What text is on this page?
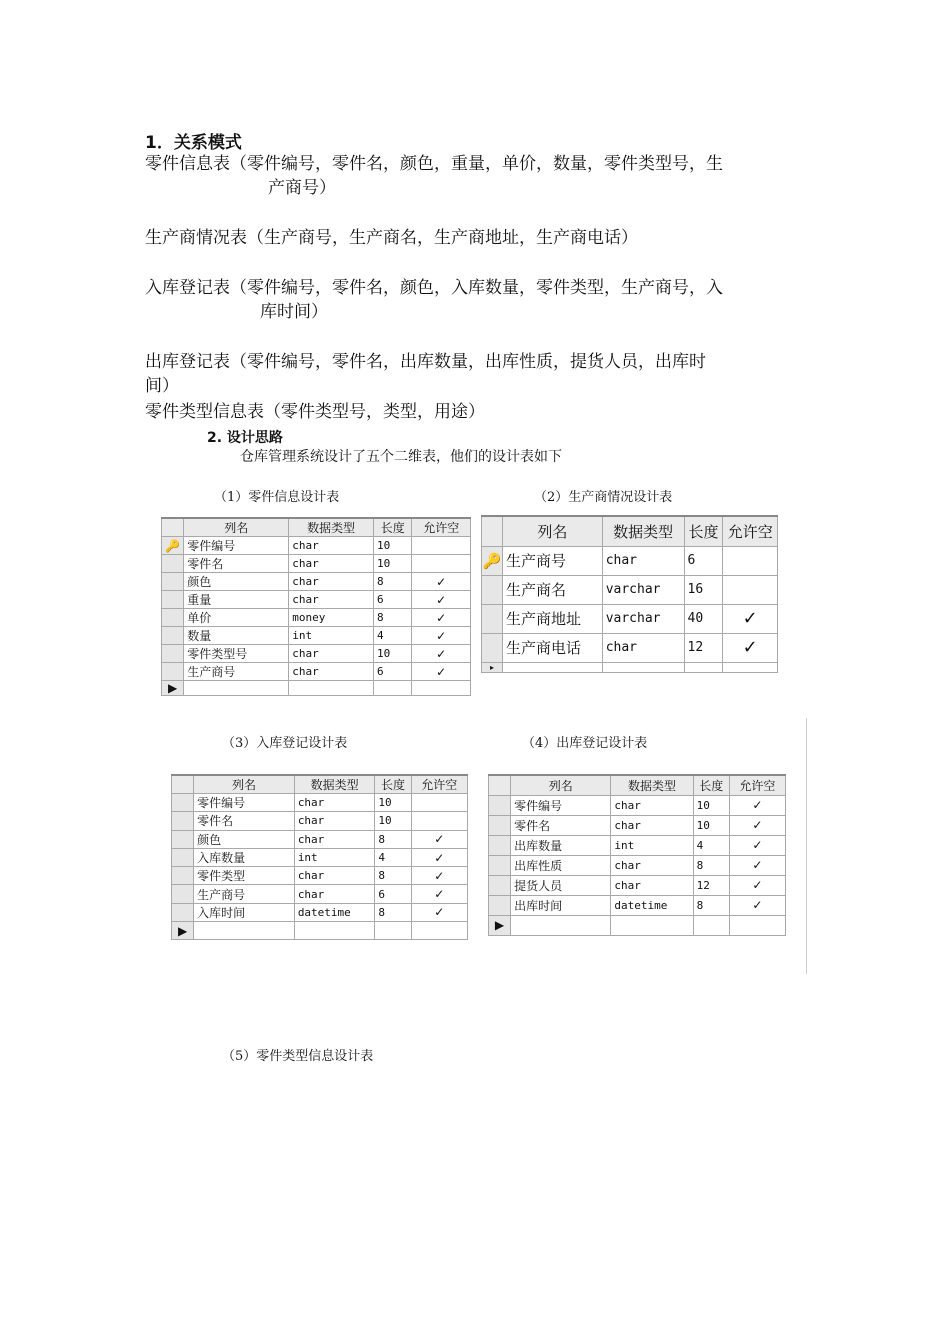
1．关系模式
零件信息表（零件编号，零件名，颜色，重量，单价，数量，零件类型号，生
产商号）
生产商情况表（生产商号，生产商名，生产商地址，生产商电话）
入库登记表（零件编号，零件名，颜色，入库数量，零件类型，生产商号，入
库时间）
出库登记表（零件编号，零件名，出库数量，出库性质，提货人员，出库时
间）
零件类型信息表（零件类型号，类型，用途）
2. 设计思路
仓库管理系统设计了五个二维表，他们的设计表如下
（1）零件信息设计表	（2）生产商情况设计表
（3）入库登记设计表	（4）出库登记设计表
（5）零件类型信息设计表
	列名	数据类型	长度	允许空
🔑	零件编号	char	10	
	零件名	char	10	
	颜色	char	8	✓
	重量	char	6	✓
	单价	money	8	✓
	数量	int	4	✓
	零件类型号	char	10	✓
	生产商号	char	6	✓
▶				
	列名	数据类型	长度	允许空
🔑	生产商号	char	6	
	生产商名	varchar	16	
	生产商地址	varchar	40	✓
	生产商电话	char	12	✓
▸				
	列名	数据类型	长度	允许空
	零件编号	char	10	
	零件名	char	10	
	颜色	char	8	✓
	入库数量	int	4	✓
	零件类型	char	8	✓
	生产商号	char	6	✓
	入库时间	datetime	8	✓
▶				
	列名	数据类型	长度	允许空
	零件编号	char	10	✓
	零件名	char	10	✓
	出库数量	int	4	✓
	出库性质	char	8	✓
	提货人员	char	12	✓
	出库时间	datetime	8	✓
▶				
